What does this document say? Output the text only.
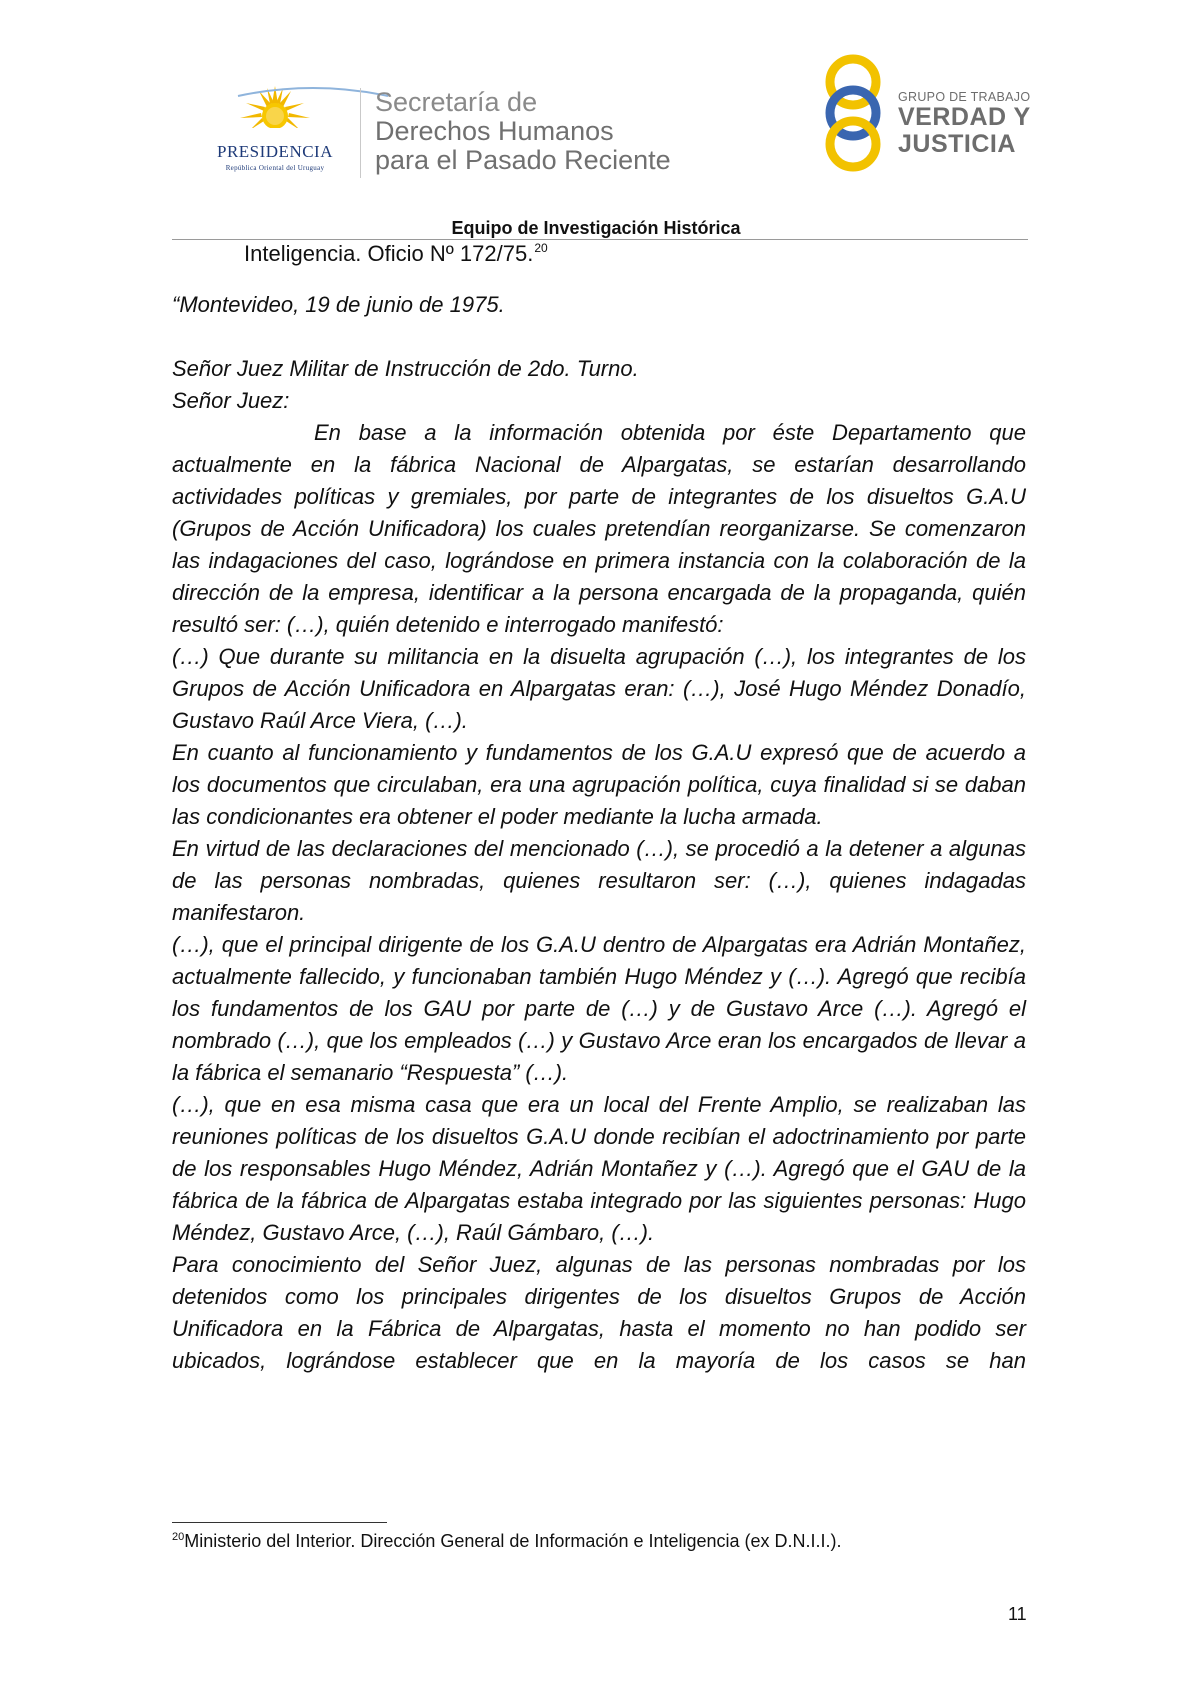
PRESIDENCIA
República Oriental del Uruguay
Secretaría de
Derechos Humanos
para el Pasado Reciente
GRUPO DE TRABAJO
VERDAD Y
JUSTICIA
Equipo de Investigación Histórica
Inteligencia. Oficio Nº 172/75.20

“Montevideo, 19 de junio de 1975.

Señor Juez Militar de Instrucción de 2do. Turno.

Señor Juez:

En base a la información obtenida por éste Departamento que actualmente en la fábrica Nacional de Alpargatas, se estarían desarrollando actividades políticas y gremiales, por parte de integrantes de los disueltos G.A.U (Grupos de Acción Unificadora) los cuales pretendían reorganizarse. Se comenzaron las indagaciones del caso, lográndose en primera instancia con la colaboración de la dirección de la empresa, identificar a la persona encargada de la propaganda, quién resultó ser: (…), quién detenido e interrogado manifestó:

(…) Que durante su militancia en la disuelta agrupación (…), los integrantes de los Grupos de Acción Unificadora en Alpargatas eran: (…), José Hugo Méndez Donadío, Gustavo Raúl Arce Viera, (…).

En cuanto al funcionamiento y fundamentos de los G.A.U expresó que de acuerdo a los documentos que circulaban, era una agrupación política, cuya finalidad si se daban las condicionantes era obtener el poder mediante la lucha armada.

En virtud de las declaraciones del mencionado (…), se procedió a la detener a algunas de las personas nombradas, quienes resultaron ser: (…), quienes indagadas manifestaron.

(…), que el principal dirigente de los G.A.U dentro de Alpargatas era Adrián Montañez, actualmente fallecido, y funcionaban también Hugo Méndez y (…). Agregó que recibía los fundamentos de los GAU por parte de (…) y de Gustavo Arce (…). Agregó el nombrado (…), que los empleados (…) y Gustavo Arce eran los encargados de llevar a la fábrica el semanario “Respuesta” (…).

(…), que en esa misma casa que era un local del Frente Amplio, se realizaban las reuniones políticas de los disueltos G.A.U donde recibían el adoctrinamiento por parte de los responsables Hugo Méndez, Adrián Montañez y (…). Agregó que el GAU de la fábrica de la fábrica de Alpargatas estaba integrado por las siguientes personas: Hugo Méndez, Gustavo Arce, (…), Raúl Gámbaro, (…).

Para conocimiento del Señor Juez, algunas de las personas nombradas por los detenidos como los principales dirigentes de los disueltos Grupos de Acción Unificadora en la Fábrica de Alpargatas, hasta el momento no han podido ser ubicados, lográndose establecer que en la mayoría de los casos se han

$^{20}$Ministerio del Interior. Dirección General de Información e Inteligencia (ex D.N.I.I.).
11
